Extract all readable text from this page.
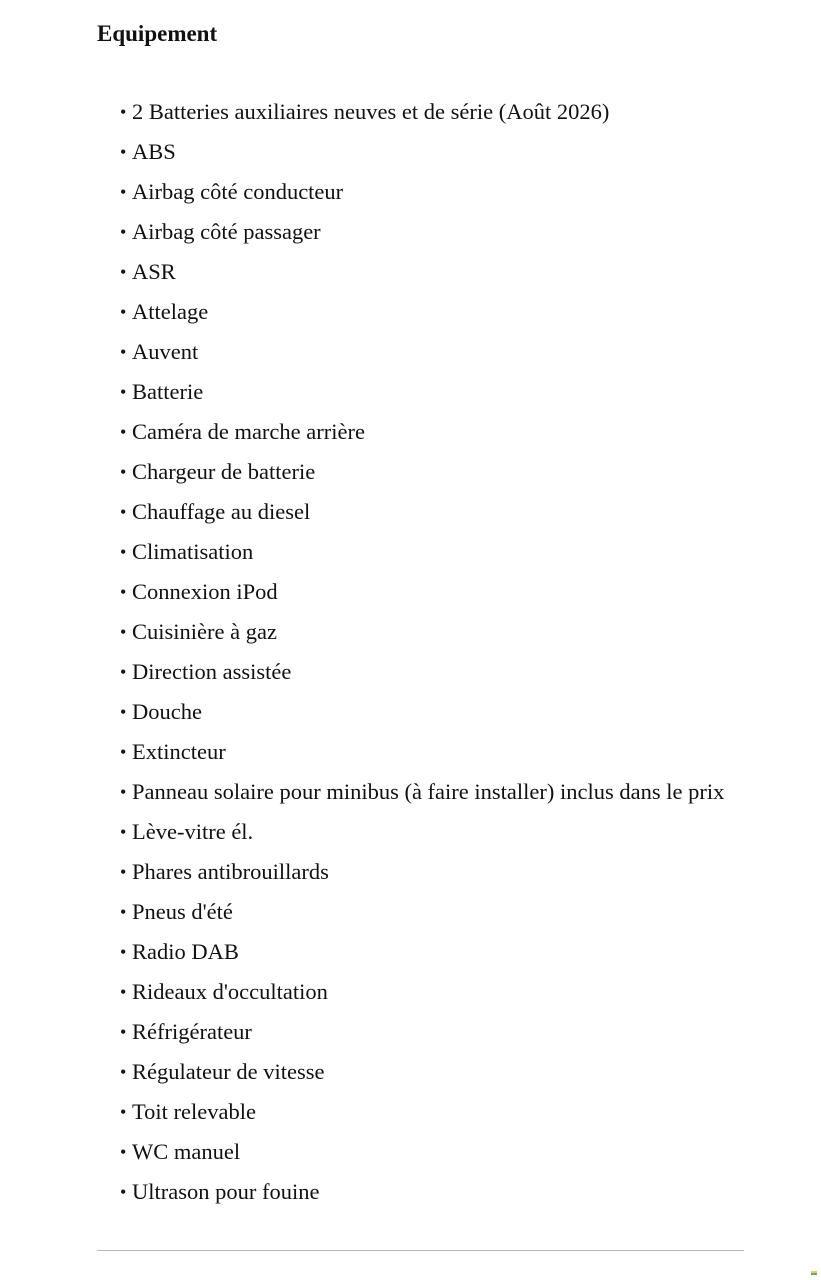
Equipement
• 2 Batteries auxiliaires neuves et de série (Août 2026)
• ABS
• Airbag côté conducteur
• Airbag côté passager
• ASR
• Attelage
• Auvent
• Batterie
• Caméra de marche arrière
• Chargeur de batterie
• Chauffage au diesel
• Climatisation
• Connexion iPod
• Cuisinière à gaz
• Direction assistée
• Douche
• Extincteur
• Panneau solaire pour minibus (à faire installer) inclus dans le prix
• Lève-vitre él.
• Phares antibrouillards
• Pneus d'été
• Radio DAB
• Rideaux d'occultation
• Réfrigérateur
• Régulateur de vitesse
• Toit relevable
• WC manuel
• Ultrason pour fouine
